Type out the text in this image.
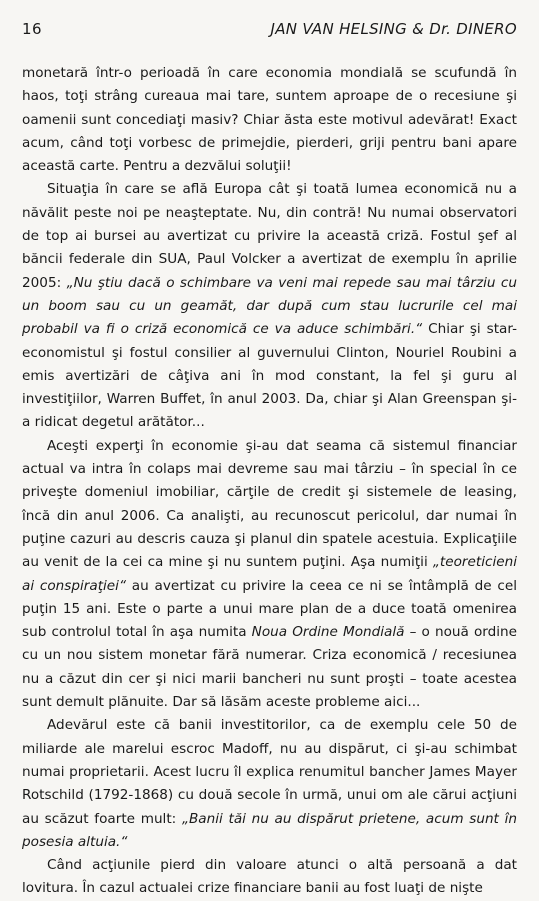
16	JAN VAN HELSING & Dr. DINERO

monetară într-o perioadă în care economia mondială se scufundă în haos, toţi strâng cureaua mai tare, suntem aproape de o recesiune şi oamenii sunt concediaţi masiv? Chiar ăsta este motivul adevărat! Exact acum, când toţi vorbesc de primejdie, pierderi, griji pentru bani apare această carte. Pentru a dezvălui soluţii!

Situaţia în care se află Europa cât şi toată lumea economică nu a năvălit peste noi pe neaşteptate. Nu, din contră! Nu numai observatori de top ai bursei au avertizat cu privire la această criză. Fostul şef al băncii federale din SUA, Paul Volcker a avertizat de exemplu în aprilie 2005: „Nu ştiu dacă o schimbare va veni mai repede sau mai târziu cu un boom sau cu un geamăt, dar după cum stau lucrurile cel mai probabil va fi o criză economică ce va aduce schimbări.“ Chiar şi star-economistul şi fostul consilier al guvernului Clinton, Nouriel Roubini a emis avertizări de câţiva ani în mod constant, la fel şi guru al investiţiilor, Warren Buffet, în anul 2003. Da, chiar şi Alan Greenspan şi-a ridicat degetul arătător...

Aceşti experţi în economie şi-au dat seama că sistemul financiar actual va intra în colaps mai devreme sau mai târziu – în special în ce priveşte domeniul imobiliar, cărţile de credit şi sistemele de leasing, încă din anul 2006. Ca analişti, au recunoscut pericolul, dar numai în puţine cazuri au descris cauza şi planul din spatele acestuia. Explicaţiile au venit de la cei ca mine şi nu suntem puţini. Aşa numiţii „teoreticieni ai conspiraţiei“ au avertizat cu privire la ceea ce ni se întâmplă de cel puţin 15 ani. Este o parte a unui mare plan de a duce toată omenirea sub controlul total în aşa numita Noua Ordine Mondială – o nouă ordine cu un nou sistem monetar fără numerar. Criza economică / recesiunea nu a căzut din cer şi nici marii bancheri nu sunt proşti – toate acestea sunt demult plănuite. Dar să lăsăm aceste probleme aici...

Adevărul este că banii investitorilor, ca de exemplu cele 50 de miliarde ale marelui escroc Madoff, nu au dispărut, ci şi-au schimbat numai proprietarii. Acest lucru îl explica renumitul bancher James Mayer Rotschild (1792-1868) cu două secole în urmă, unui om ale cărui acţiuni au scăzut foarte mult: „Banii tăi nu au dispărut prietene, acum sunt în posesia altuia.“

Când acţiunile pierd din valoare atunci o altă persoană a dat lovitura. În cazul actualei crize financiare banii au fost luaţi de nişte
